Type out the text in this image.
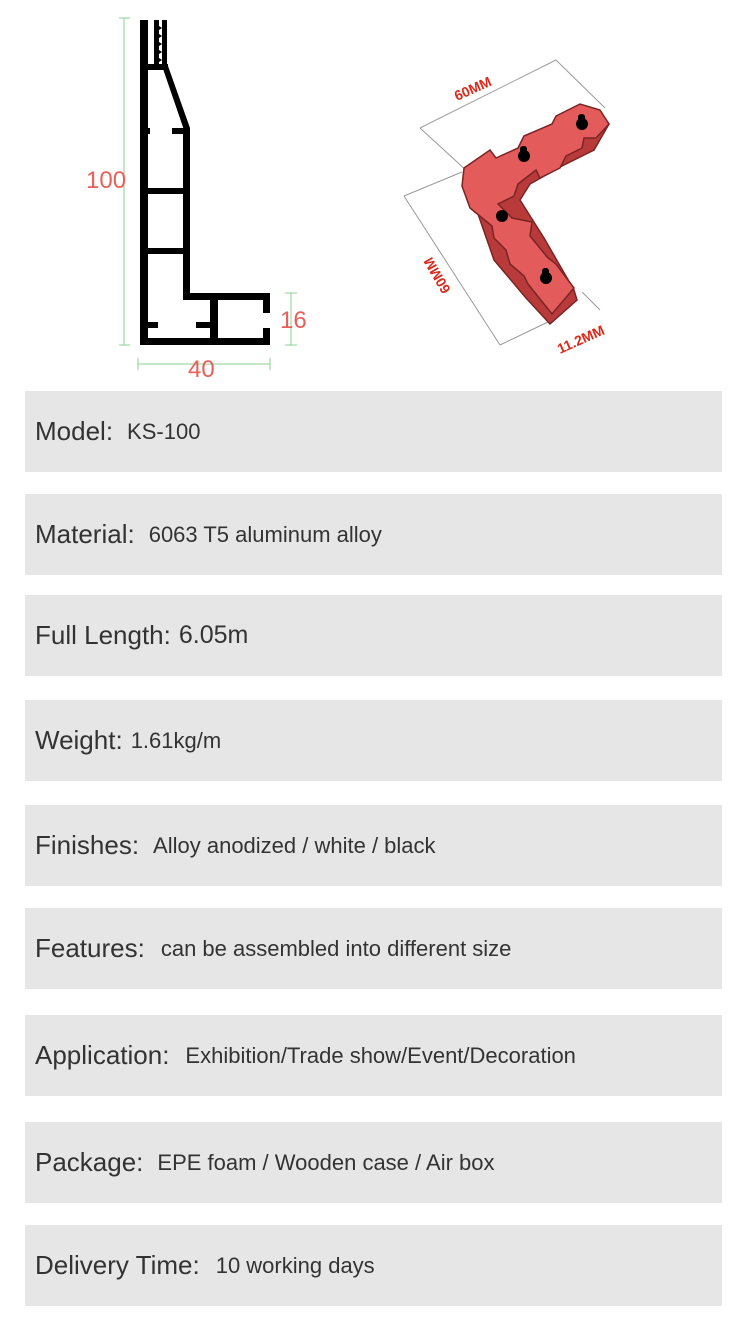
100
40
16
60MM
60MM
11.2MM
Model: KS-100
Material: 6063 T5 aluminum alloy
Full Length: 6.05m
Weight: 1.61kg/m
Finishes: Alloy anodized / white / black
Features: can be assembled into different size
Application: Exhibition/Trade show/Event/Decoration
Package: EPE foam / Wooden case / Air box
Delivery Time: 10 working days
